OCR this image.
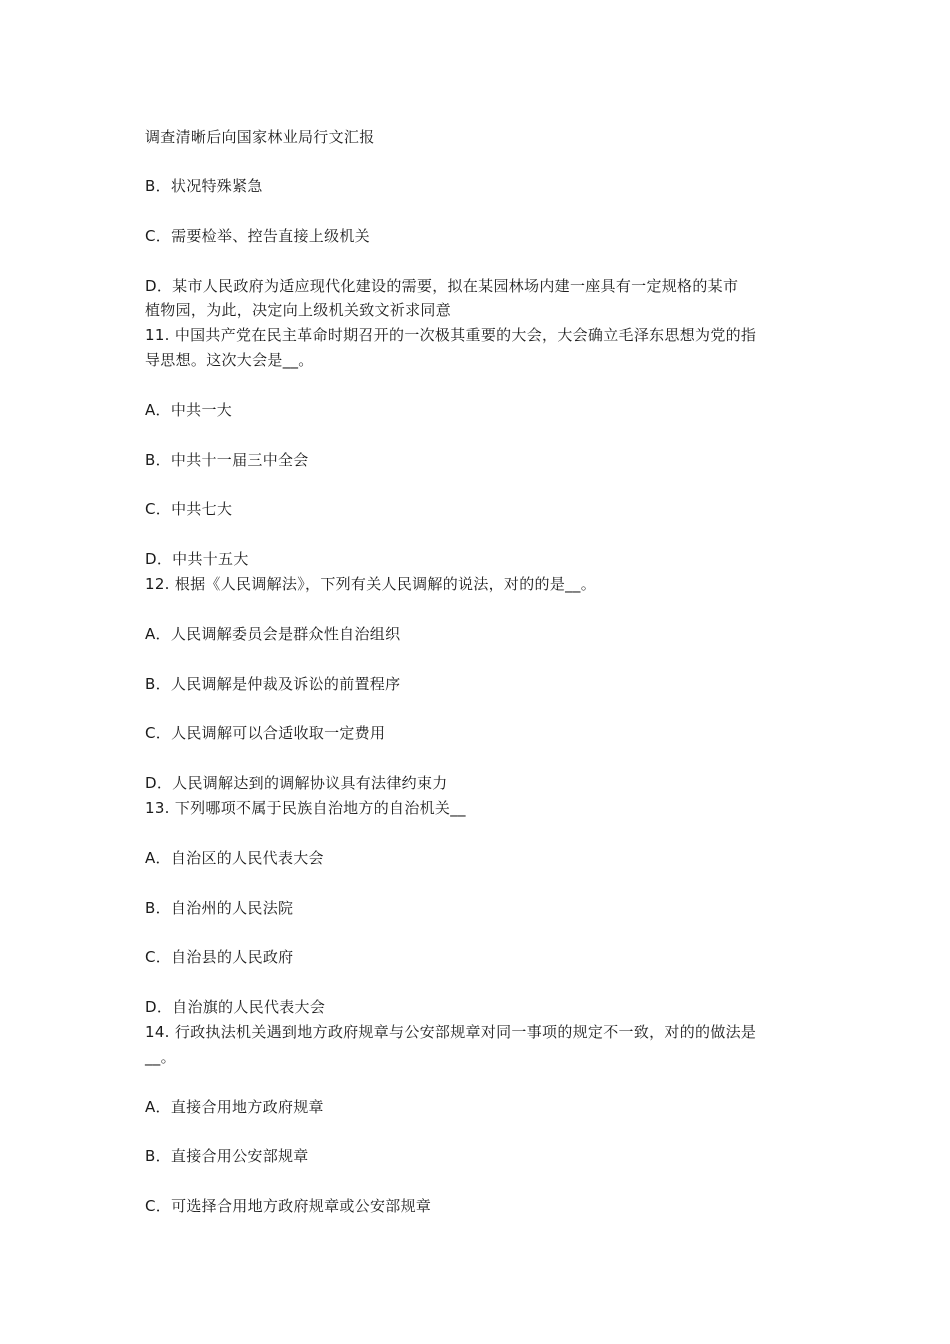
调查清晰后向国家林业局行文汇报
B．状况特殊紧急
C．需要检举、控告直接上级机关
D．某市人民政府为适应现代化建设的需要，拟在某园林场内建一座具有一定规格的某市
植物园，为此，决定向上级机关致文祈求同意
11. 中国共产党在民主革命时期召开的一次极其重要的大会，大会确立毛泽东思想为党的指
导思想。这次大会是__。
A．中共一大
B．中共十一届三中全会
C．中共七大
D．中共十五大
12. 根据《人民调解法》，下列有关人民调解的说法，对的的是__。
A．人民调解委员会是群众性自治组织
B．人民调解是仲裁及诉讼的前置程序
C．人民调解可以合适收取一定费用
D．人民调解达到的调解协议具有法律约束力
13. 下列哪项不属于民族自治地方的自治机关__
A．自治区的人民代表大会
B．自治州的人民法院
C．自治县的人民政府
D．自治旗的人民代表大会
14. 行政执法机关遇到地方政府规章与公安部规章对同一事项的规定不一致，对的的做法是
__。
A．直接合用地方政府规章
B．直接合用公安部规章
C．可选择合用地方政府规章或公安部规章
